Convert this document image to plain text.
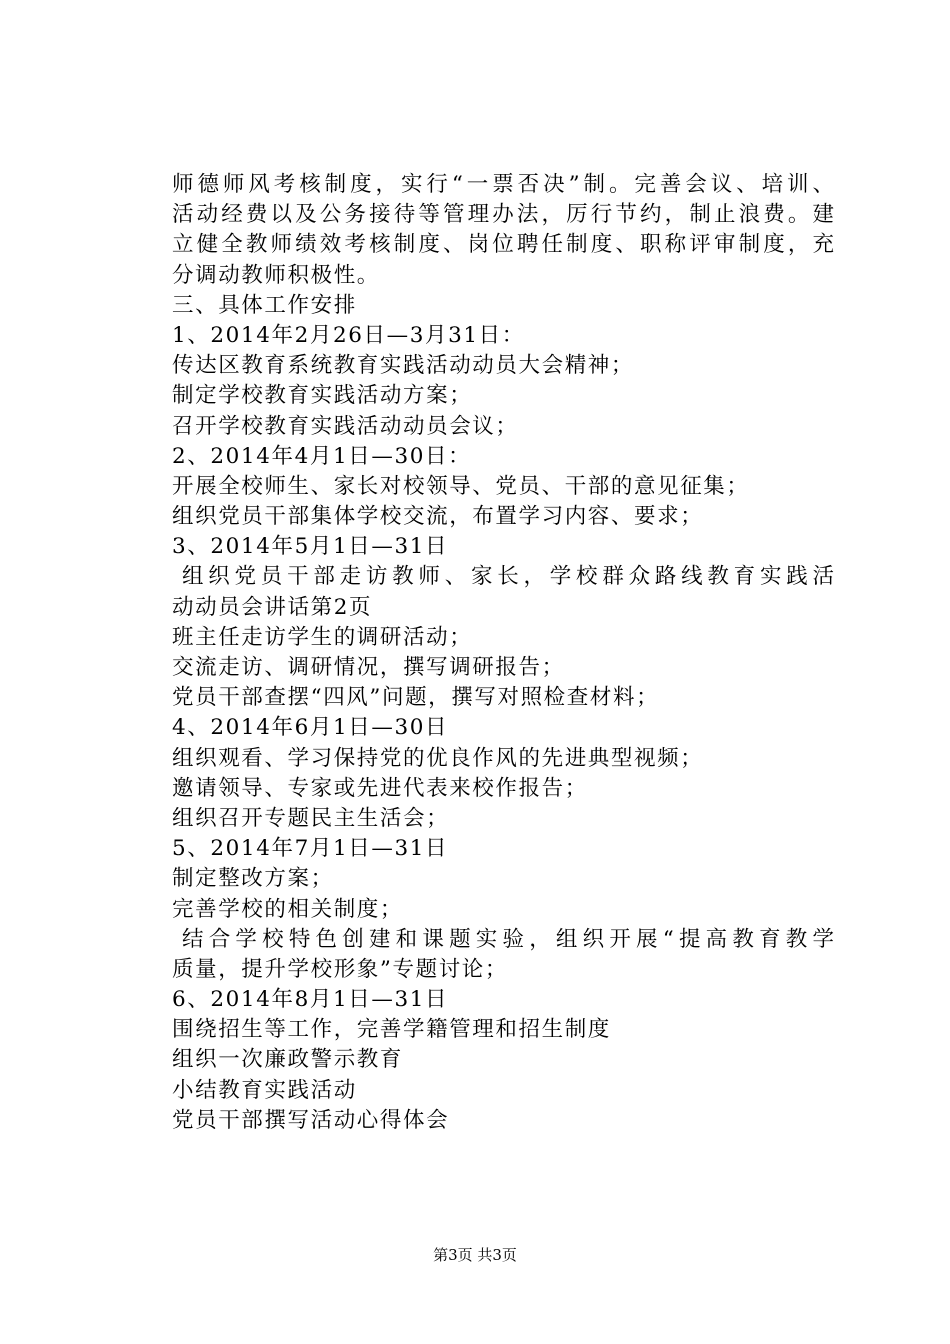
师德师风考核制度，实行“一票否决”制。完善会议、培训、
活动经费以及公务接待等管理办法，厉行节约，制止浪费。建
立健全教师绩效考核制度、岗位聘任制度、职称评审制度，充
分调动教师积极性。
三、具体工作安排
1、2014年2月26日—3月31日：
传达区教育系统教育实践活动动员大会精神；
制定学校教育实践活动方案；
召开学校教育实践活动动员会议；
2、2014年4月1日—30日：
开展全校师生、家长对校领导、党员、干部的意见征集；
组织党员干部集体学校交流，布置学习内容、要求；
3、2014年5月1日—31日
组织党员干部走访教师、家长，学校群众路线教育实践活
动动员会讲话第2页
班主任走访学生的调研活动；
交流走访、调研情况，撰写调研报告；
党员干部查摆“四风”问题，撰写对照检查材料；
4、2014年6月1日—30日
组织观看、学习保持党的优良作风的先进典型视频；
邀请领导、专家或先进代表来校作报告；
组织召开专题民主生活会；
5、2014年7月1日—31日
制定整改方案；
完善学校的相关制度；
结合学校特色创建和课题实验，组织开展“提高教育教学
质量，提升学校形象”专题讨论；
6、2014年8月1日—31日
围绕招生等工作，完善学籍管理和招生制度
组织一次廉政警示教育
小结教育实践活动
党员干部撰写活动心得体会
第3页 共3页
